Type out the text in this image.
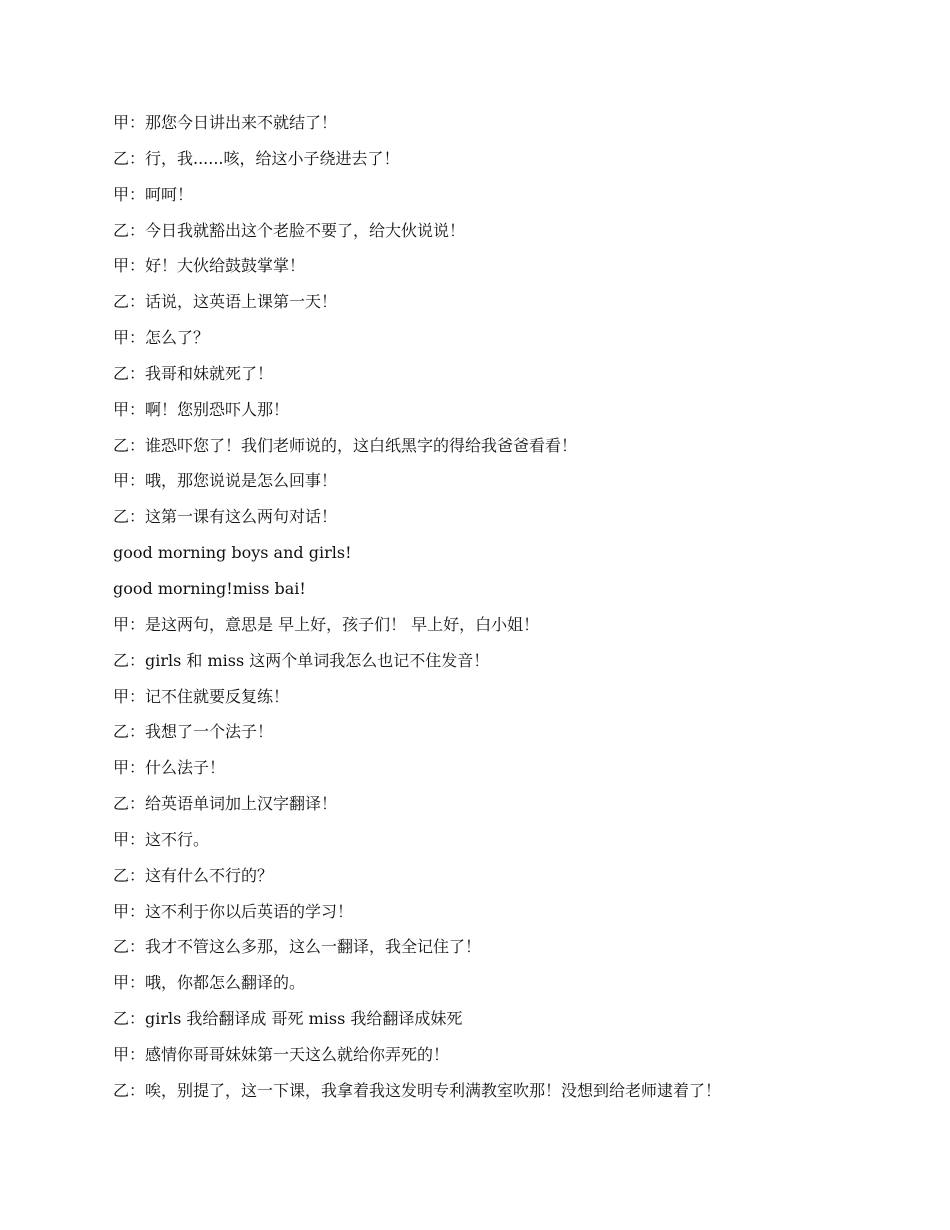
甲：那您今日讲出来不就结了！
乙：行，我......咳，给这小子绕进去了！
甲：呵呵！
乙：今日我就豁出这个老脸不要了，给大伙说说！
甲：好！大伙给鼓鼓掌掌！
乙：话说，这英语上课第一天！
甲：怎么了？
乙：我哥和妹就死了！
甲：啊！您别恐吓人那！
乙：谁恐吓您了！我们老师说的，这白纸黑字的得给我爸爸看看！
甲：哦，那您说说是怎么回事！
乙：这第一课有这么两句对话！
good morning boys and girls!
good morning!miss bai!
甲：是这两句，意思是 早上好，孩子们！ 早上好，白小姐！
乙：girls 和 miss 这两个单词我怎么也记不住发音！
甲：记不住就要反复练！
乙：我想了一个法子！
甲：什么法子！
乙：给英语单词加上汉字翻译！
甲：这不行。
乙：这有什么不行的？
甲：这不利于你以后英语的学习！
乙：我才不管这么多那，这么一翻译，我全记住了！
甲：哦，你都怎么翻译的。
乙：girls 我给翻译成 哥死 miss 我给翻译成妹死
甲：感情你哥哥妹妹第一天这么就给你弄死的！
乙：唉，别提了，这一下课，我拿着我这发明专利满教室吹那！没想到给老师逮着了！
